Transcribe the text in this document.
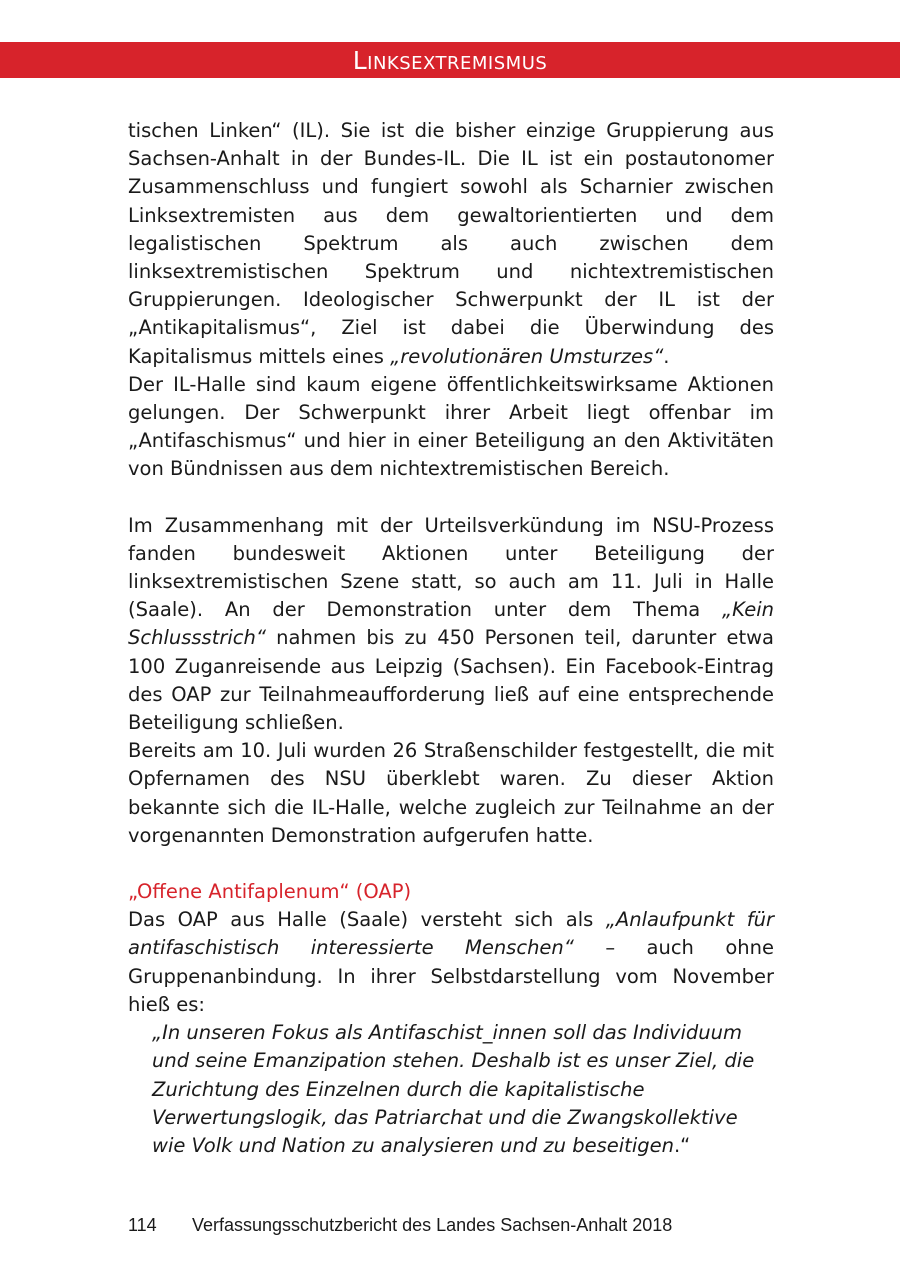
Linksextremismus

tischen Linken“ (IL). Sie ist die bisher einzige Gruppierung aus Sachsen-Anhalt in der Bundes-IL. Die IL ist ein postautonomer Zusammenschluss und fungiert sowohl als Scharnier zwischen Linksextremisten aus dem gewaltorientierten und dem legalistischen Spektrum als auch zwischen dem linksextremistischen Spektrum und nichtextremistischen Gruppierungen. Ideologischer Schwerpunkt der IL ist der „Antikapitalismus“, Ziel ist dabei die Überwindung des Kapitalismus mittels eines „revolutionären Umsturzes“.

Der IL-Halle sind kaum eigene öffentlichkeitswirksame Aktionen gelungen. Der Schwerpunkt ihrer Arbeit liegt offenbar im „Antifaschismus“ und hier in einer Beteiligung an den Aktivitäten von Bündnissen aus dem nichtextremistischen Bereich.

Im Zusammenhang mit der Urteilsverkündung im NSU-Prozess fanden bundesweit Aktionen unter Beteiligung der linksextremistischen Szene statt, so auch am 11. Juli in Halle (Saale). An der Demonstration unter dem Thema „Kein Schlussstrich“ nahmen bis zu 450 Personen teil, darunter etwa 100 Zuganreisende aus Leipzig (Sachsen). Ein Facebook-Eintrag des OAP zur Teilnahmeaufforderung ließ auf eine entsprechende Beteiligung schließen.

Bereits am 10. Juli wurden 26 Straßenschilder festgestellt, die mit Opfernamen des NSU überklebt waren. Zu dieser Aktion bekannte sich die IL-Halle, welche zugleich zur Teilnahme an der vorgenannten Demonstration aufgerufen hatte.

„Offene Antifaplenum“ (OAP)

Das OAP aus Halle (Saale) versteht sich als „Anlaufpunkt für antifaschistisch interessierte Menschen“ – auch ohne Gruppenanbindung. In ihrer Selbstdarstellung vom November hieß es:

„In unseren Fokus als Antifaschist_innen soll das Individuum und seine Emanzipation stehen. Deshalb ist es unser Ziel, die Zurichtung des Einzelnen durch die kapitalistische Verwertungslogik, das Patriarchat und die Zwangskollektive wie Volk und Nation zu analysieren und zu beseitigen.“

114 Verfassungsschutzbericht des Landes Sachsen-Anhalt 2018
